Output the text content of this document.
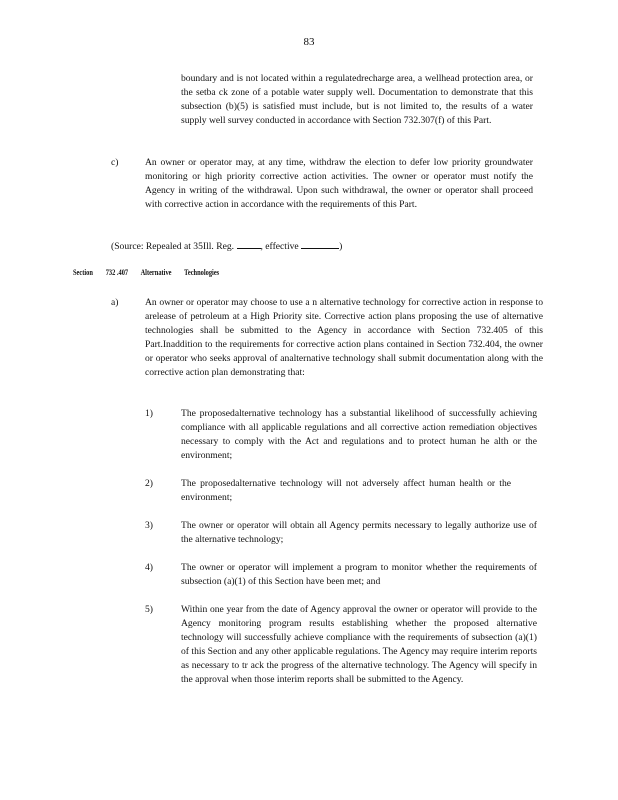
83
boundary and is not located within a regulatedrecharge area, a wellhead protection area, or the setba ck zone of a potable water supply well. Documentation to demonstrate that this subsection (b)(5) is satisfied must include, but is not limited to, the results of a water supply well survey conducted in accordance with Section 732.307(f) of this Part.
c)	An owner or operator may, at any time, withdraw the election to defer low priority groundwater monitoring or high priority corrective action activities. The owner or operator must notify the Agency in writing of the withdrawal. Upon such withdrawal, the owner or operator shall proceed with corrective action in accordance with the requirements of this Part.
(Source: Repealed at 35Ill. Reg.	, effective	)
Section 732 .407 Alternative Technologies
a)	An owner or operator may choose to use a n alternative technology for corrective action in response to arelease of petroleum at a High Priority site. Corrective action plans proposing the use of alternative technologies shall be submitted to the Agency in accordance with Section 732.405 of this Part.Inaddition to the requirements for corrective action plans contained in Section 732.404, the owner or operator who seeks approval of analternative technology shall submit documentation along with the corrective action plan demonstrating that:
1)	The proposedalternative technology has a substantial likelihood of successfully achieving compliance with all applicable regulations and all corrective action remediation objectives necessary to comply with the Act and regulations and to protect human he alth or the environment;
2)	The proposedalternative technology will not adversely affect human health or the environment;
3)	The owner or operator will obtain all Agency permits necessary to legally authorize use of the alternative technology;
4)	The owner or operator will implement a program to monitor whether the requirements of subsection (a)(1) of this Section have been met; and
5)	Within one year from the date of Agency approval the owner or operator will provide to the Agency monitoring program results establishing whether the proposed alternative technology will successfully achieve compliance with the requirements of subsection (a)(1) of this Section and any other applicable regulations. The Agency may require interim reports as necessary to tr ack the progress of the alternative technology. The Agency will specify in the approval when those interim reports shall be submitted to the Agency.
